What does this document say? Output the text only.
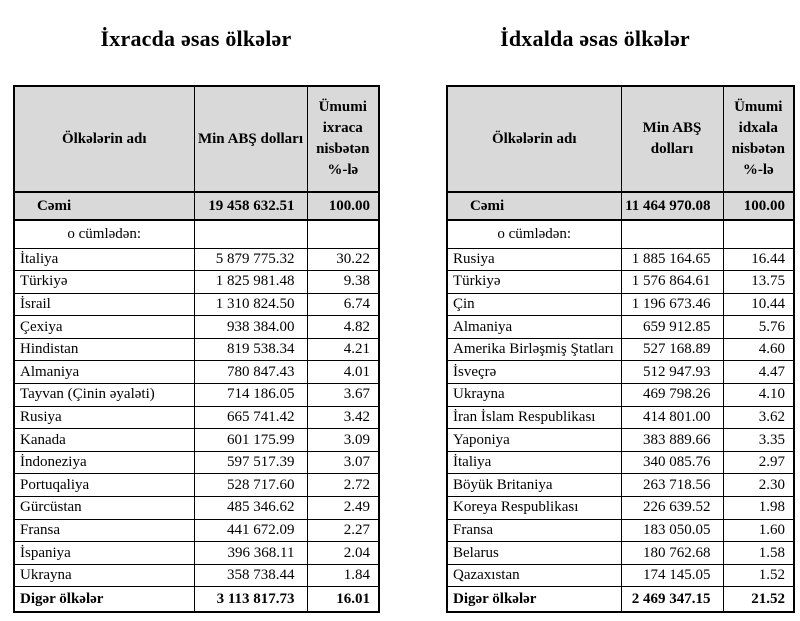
İxracda əsas ölkələr	İdxalda əsas ölkələr
Ölkələrin adı	Min ABŞ dolları	Ümumi ixraca nisbətən %-lə
Cəmi	19 458 632.51	100.00
o cümlədən:		
İtaliya	5 879 775.32	30.22
Türkiyə	1 825 981.48	9.38
İsrail	1 310 824.50	6.74
Çexiya	938 384.00	4.82
Hindistan	819 538.34	4.21
Almaniya	780 847.43	4.01
Tayvan (Çinin əyaləti)	714 186.05	3.67
Rusiya	665 741.42	3.42
Kanada	601 175.99	3.09
İndoneziya	597 517.39	3.07
Portuqaliya	528 717.60	2.72
Gürcüstan	485 346.62	2.49
Fransa	441 672.09	2.27
İspaniya	396 368.11	2.04
Ukrayna	358 738.44	1.84
Digər ölkələr	3 113 817.73	16.01
Ölkələrin adı	Min ABŞ dolları	Ümumi idxala nisbətən %-lə
Cəmi	11 464 970.08	100.00
o cümlədən:		
Rusiya	1 885 164.65	16.44
Türkiyə	1 576 864.61	13.75
Çin	1 196 673.46	10.44
Almaniya	659 912.85	5.76
Amerika Birləşmiş Ştatları	527 168.89	4.60
İsveçrə	512 947.93	4.47
Ukrayna	469 798.26	4.10
İran İslam Respublikası	414 801.00	3.62
Yaponiya	383 889.66	3.35
İtaliya	340 085.76	2.97
Böyük Britaniya	263 718.56	2.30
Koreya Respublikası	226 639.52	1.98
Fransa	183 050.05	1.60
Belarus	180 762.68	1.58
Qazaxıstan	174 145.05	1.52
Digər ölkələr	2 469 347.15	21.52
